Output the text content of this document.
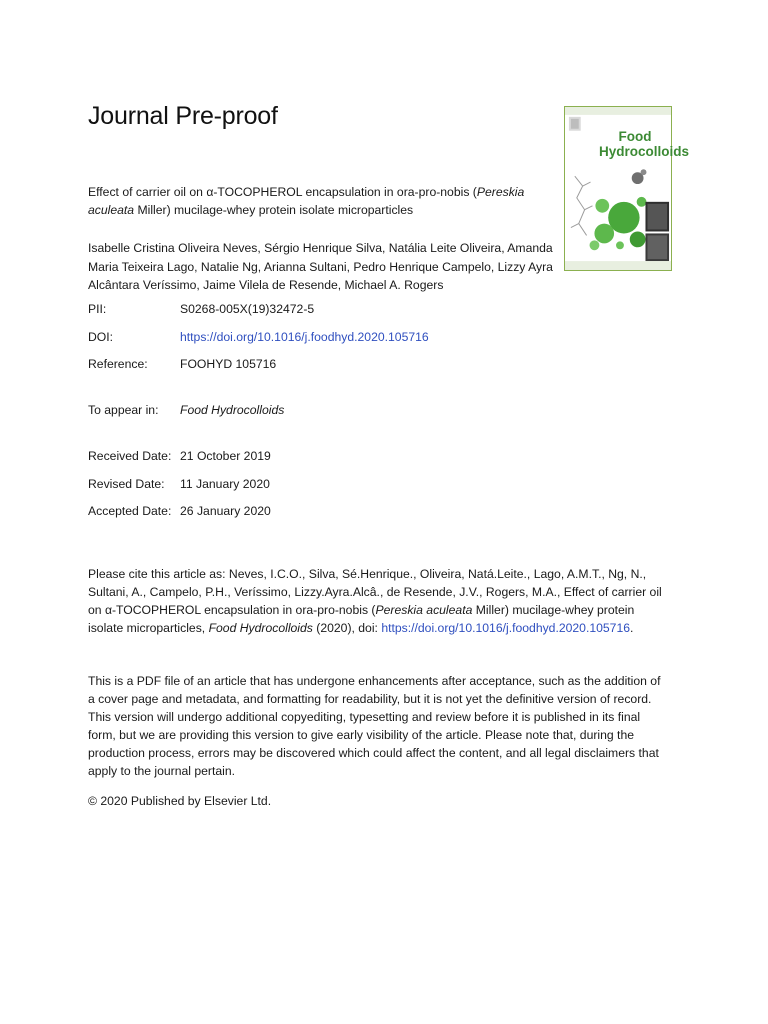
Journal Pre-proof
Effect of carrier oil on α-TOCOPHEROL encapsulation in ora-pro-nobis (Pereskia aculeata Miller) mucilage-whey protein isolate microparticles
Isabelle Cristina Oliveira Neves, Sérgio Henrique Silva, Natália Leite Oliveira, Amanda Maria Teixeira Lago, Natalie Ng, Arianna Sultani, Pedro Henrique Campelo, Lizzy Ayra Alcântara Veríssimo, Jaime Vilela de Resende, Michael A. Rogers
PII:	S0268-005X(19)32472-5
DOI:	https://doi.org/10.1016/j.foodhyd.2020.105716
Reference:	FOOHYD 105716
To appear in: Food Hydrocolloids
Received Date: 21 October 2019
Revised Date: 11 January 2020
Accepted Date: 26 January 2020
Please cite this article as: Neves, I.C.O., Silva, Sé.Henrique., Oliveira, Natá.Leite., Lago, A.M.T., Ng, N., Sultani, A., Campelo, P.H., Veríssimo, Lizzy.Ayra.Alcâ., de Resende, J.V., Rogers, M.A., Effect of carrier oil on α-TOCOPHEROL encapsulation in ora-pro-nobis (Pereskia aculeata Miller) mucilage-whey protein isolate microparticles, Food Hydrocolloids (2020), doi: https://doi.org/10.1016/j.foodhyd.2020.105716.
This is a PDF file of an article that has undergone enhancements after acceptance, such as the addition of a cover page and metadata, and formatting for readability, but it is not yet the definitive version of record. This version will undergo additional copyediting, typesetting and review before it is published in its final form, but we are providing this version to give early visibility of the article. Please note that, during the production process, errors may be discovered which could affect the content, and all legal disclaimers that apply to the journal pertain.
© 2020 Published by Elsevier Ltd.
Food Hydrocolloids
